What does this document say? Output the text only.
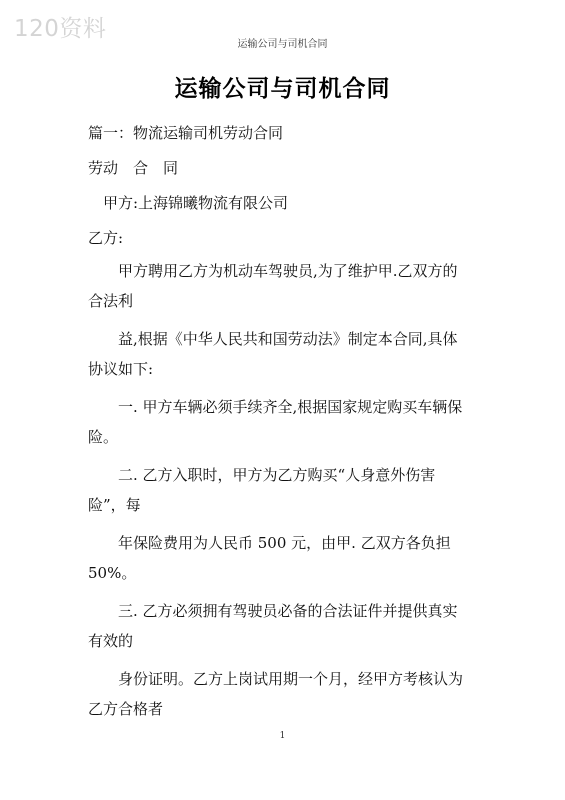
120资料
运输公司与司机合同
运输公司与司机合同
篇一：物流运输司机劳动合同
劳动　合　同
甲方:上海锦曦物流有限公司
乙方:
甲方聘用乙方为机动车驾驶员,为了维护甲.乙双方的
合法利
益,根据《中华人民共和国劳动法》制定本合同,具体
协议如下:
一. 甲方车辆必须手续齐全,根据国家规定购买车辆保
险。
二. 乙方入职时，甲方为乙方购买“人身意外伤害
险”，每
年保险费用为人民币 500 元，由甲. 乙双方各负担
50%。
三. 乙方必须拥有驾驶员必备的合法证件并提供真实
有效的
身份证明。乙方上岗试用期一个月，经甲方考核认为
乙方合格者
1
